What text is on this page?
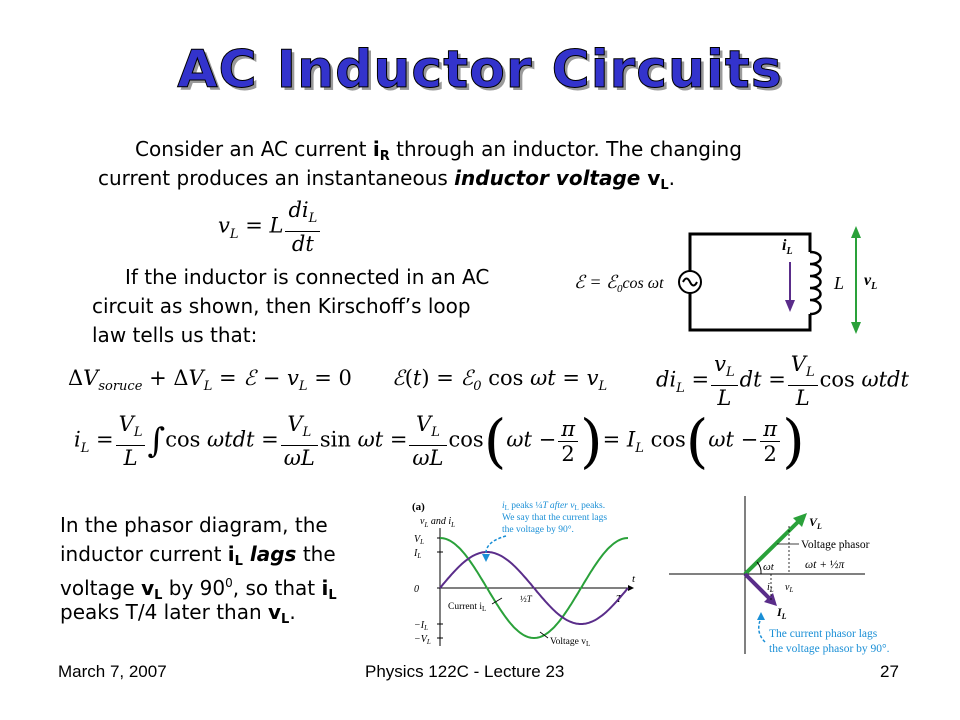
AC Inductor Circuits
Consider an AC current $i_R$ through an inductor. The changing
current produces an instantaneous inductor voltage $v_L$.
$v_L = L \frac{di_L}{dt}$
If the inductor is connected in an AC
circuit as shown, then Kirschoff’s loop
law tells us that:
ℰ = ℰ$_0$cos ωt
$i_L$
L $v_L$
$\Delta V_{soruce} + \Delta V_L$ = ℰ − $v_L = 0$ ℰ(t) = ℰ$_0$ $\cos \omega t = v_L$ $di_L = \frac{v_L}{L}$ dt = $\frac{V_L}{L}$ cos ωtdt
$i_L = \frac{V_L}{L} \int\cos$ $\omega tdt = \frac{V_L}{\omega L}$ $\sin \omega t = \frac{V_L}{\omega L} \cos(\omega t - \frac{\pi}{2}$ )= $I_L$ $\cos(\omega t - \frac{\pi}{2}$ )
In the phasor diagram, the
inductor current $i_L$ lags the
voltage $v_L$ by $90^0$, so that $i_L$
peaks T/4 later than $v_L$.
(a)
$v_L$ and $i_L$
$V_L$
$I_L$
0
$-I_L$
$-V_L$
t
½T	T
$i_L$ peaks ¼T after $v_L$ peaks.
We say that the current lags
the voltage by 90°.
Current $i_L$
Voltage $v_L$
ωt
$V_L$
Voltage phasor
ωt + ½π
$i_L$ $v_L$
$I_L$
The current phasor lags
the voltage phasor by 90°.
March 7, 2007	Physics 122C - Lecture 23	27
